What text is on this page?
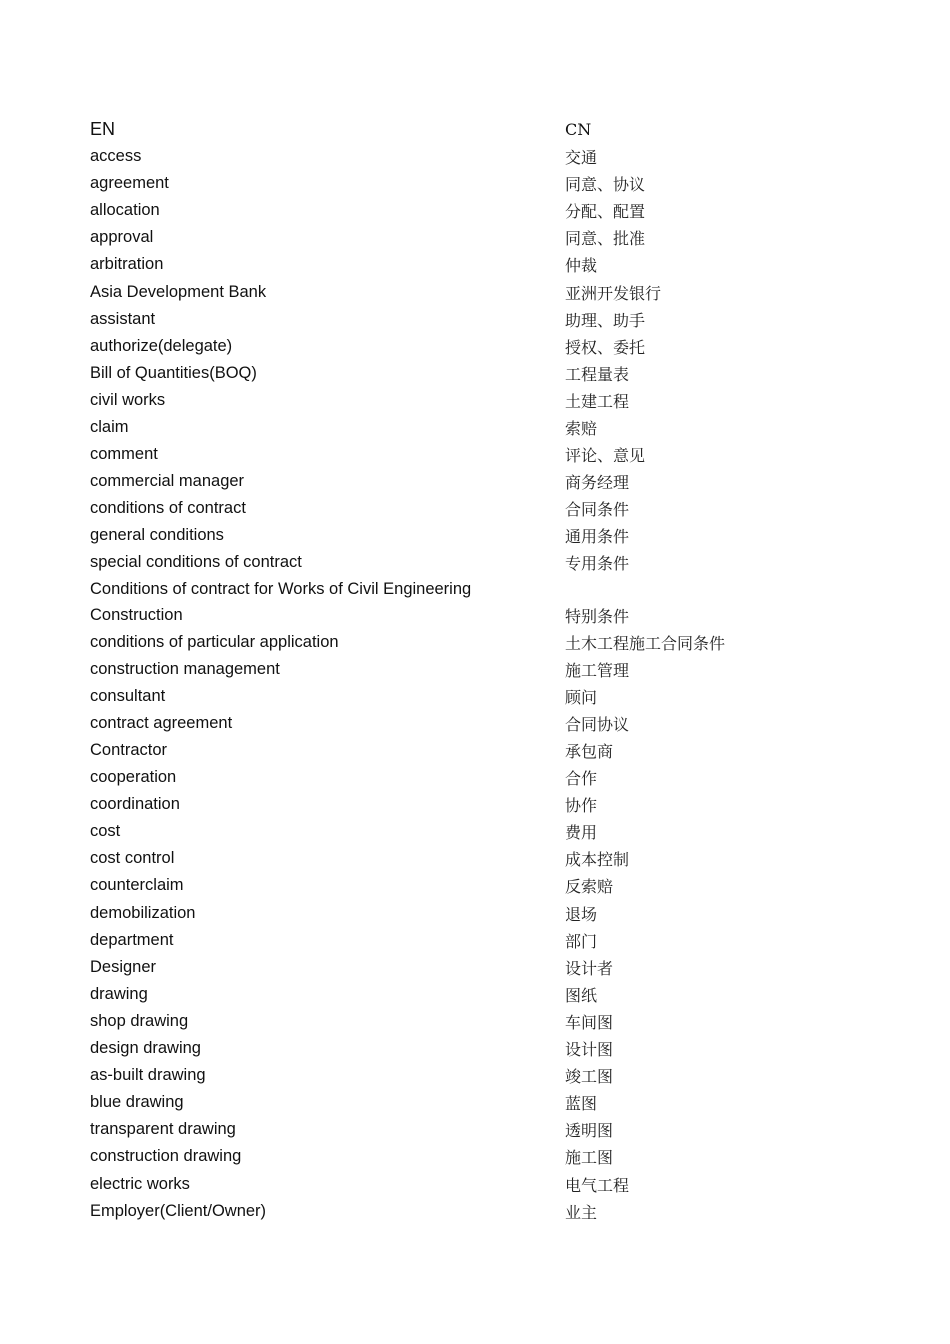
EN	CN
access	交通
agreement	同意、协议
allocation	分配、配置
approval	同意、批准
arbitration	仲裁
Asia Development Bank	亚洲开发银行
assistant	助理、助手
authorize(delegate)	授权、委托
Bill of Quantities(BOQ)	工程量表
civil works	土建工程
claim	索赔
comment	评论、意见
commercial manager	商务经理
conditions of contract	合同条件
general conditions	通用条件
special conditions of contract	专用条件
Conditions of contract for Works of Civil Engineering
Construction	特别条件
conditions of particular application	土木工程施工合同条件
construction management	施工管理
consultant	顾问
contract agreement	合同协议
Contractor	承包商
cooperation	合作
coordination	协作
cost	费用
cost control	成本控制
counterclaim	反索赔
demobilization	退场
department	部门
Designer	设计者
drawing	图纸
shop drawing	车间图
design drawing	设计图
as-built drawing	竣工图
blue drawing	蓝图
transparent drawing	透明图
construction drawing	施工图
electric works	电气工程
Employer(Client/Owner)	业主
